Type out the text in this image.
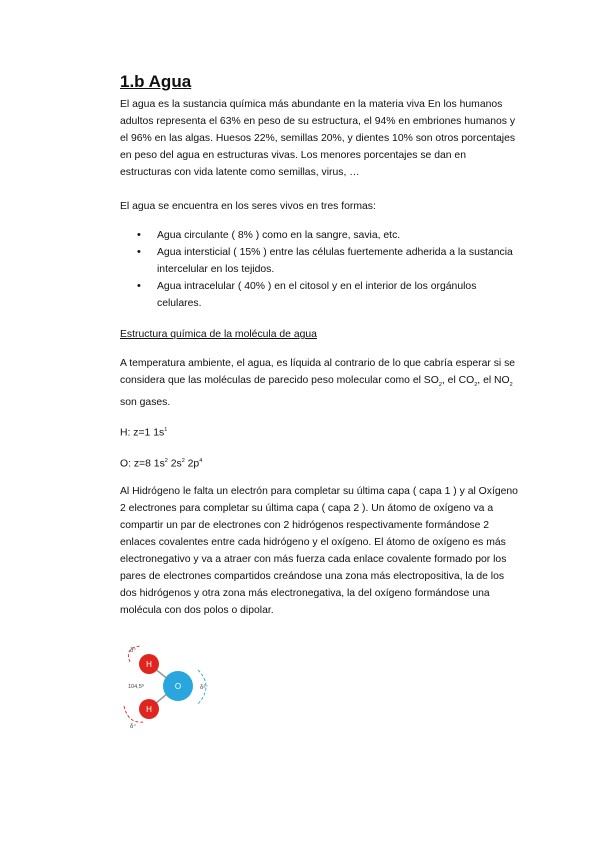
1.b Agua

El agua es la sustancia química más abundante en la materia viva En los humanos adultos representa el 63% en peso de su estructura, el 94% en embriones humanos y el 96% en las algas. Huesos 22%, semillas 20%, y dientes 10% son otros porcentajes en peso del agua en estructuras vivas. Los menores porcentajes se dan en estructuras con vida latente como semillas, virus, …

El agua se encuentra en los seres vivos en tres formas:

• Agua circulante ( 8% ) como en la sangre, savia, etc.
• Agua intersticial ( 15% ) entre las células fuertemente adherida a la sustancia intercelular en los tejidos.
• Agua intracelular ( 40% ) en el citosol y en el interior de los orgánulos celulares.

Estructura química de la molécula de agua

A temperatura ambiente, el agua, es líquida al contrario de lo que cabría esperar si se considera que las moléculas de parecido peso molecular como el $SO_2$, el $CO_2$, el $NO_2$ son gases.

H: z=1 $1s^1$

O: z=8 $1s^2$ $2s^2$ $2p^4$

Al Hidrógeno le falta un electrón para completar su última capa ( capa 1 ) y al Oxígeno 2 electrones para completar su última capa ( capa 2 ). Un átomo de oxígeno va a compartir un par de electrones con 2 hidrógenos respectivamente formándose 2 enlaces covalentes entre cada hidrógeno y el oxígeno. El átomo de oxígeno es más electronegativo y va a atraer con más fuerza cada enlace covalente formado por los pares de electrones compartidos creándose una zona más electropositiva, la de los dos hidrógenos y otra zona más electronegativa, la del oxígeno formándose una molécula con dos polos o dipolar.

H
H
O
104,5º
δ⁺
δ⁺
δ²⁻
